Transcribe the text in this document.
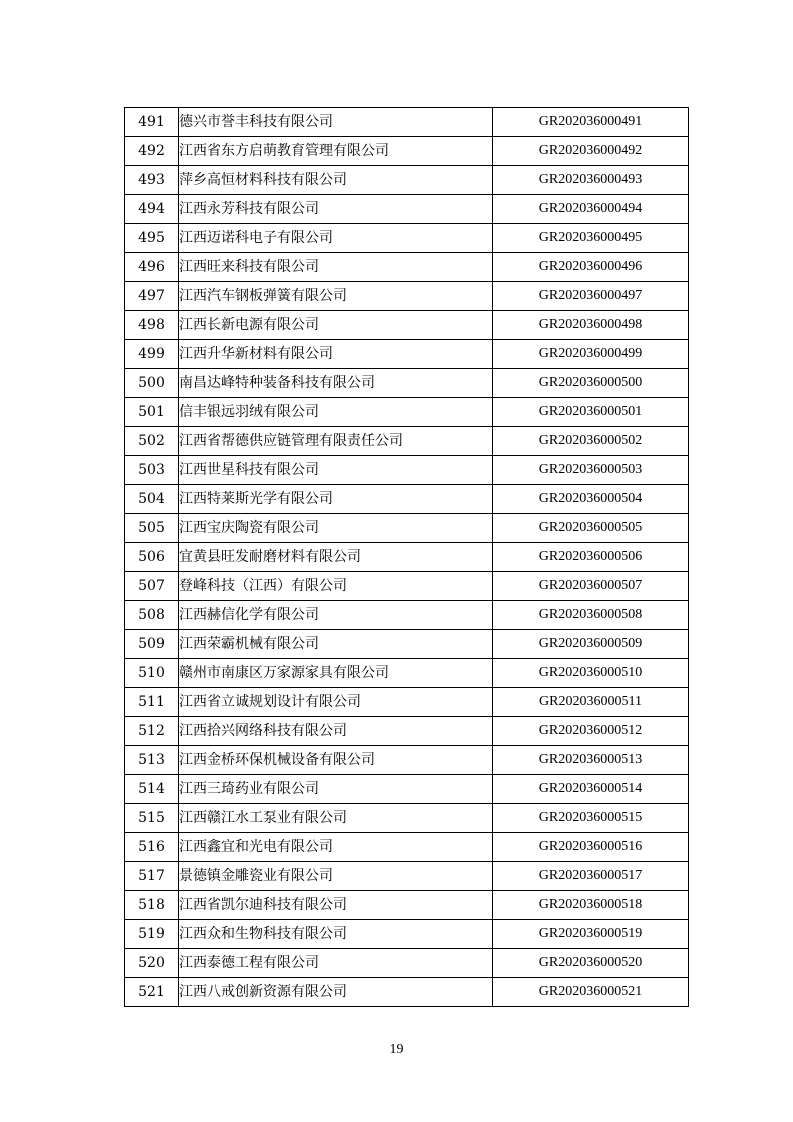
491	德兴市誉丰科技有限公司	GR202036000491
492	江西省东方启萌教育管理有限公司	GR202036000492
493	萍乡高恒材料科技有限公司	GR202036000493
494	江西永芳科技有限公司	GR202036000494
495	江西迈诺科电子有限公司	GR202036000495
496	江西旺来科技有限公司	GR202036000496
497	江西汽车钢板弹簧有限公司	GR202036000497
498	江西长新电源有限公司	GR202036000498
499	江西升华新材料有限公司	GR202036000499
500	南昌达峰特种装备科技有限公司	GR202036000500
501	信丰银远羽绒有限公司	GR202036000501
502	江西省帮德供应链管理有限责任公司	GR202036000502
503	江西世星科技有限公司	GR202036000503
504	江西特莱斯光学有限公司	GR202036000504
505	江西宝庆陶瓷有限公司	GR202036000505
506	宜黄县旺发耐磨材料有限公司	GR202036000506
507	登峰科技（江西）有限公司	GR202036000507
508	江西赫信化学有限公司	GR202036000508
509	江西荣霸机械有限公司	GR202036000509
510	赣州市南康区万家源家具有限公司	GR202036000510
511	江西省立诚规划设计有限公司	GR202036000511
512	江西拾兴网络科技有限公司	GR202036000512
513	江西金桥环保机械设备有限公司	GR202036000513
514	江西三琦药业有限公司	GR202036000514
515	江西赣江水工泵业有限公司	GR202036000515
516	江西鑫宜和光电有限公司	GR202036000516
517	景德镇金雕瓷业有限公司	GR202036000517
518	江西省凯尔迪科技有限公司	GR202036000518
519	江西众和生物科技有限公司	GR202036000519
520	江西泰德工程有限公司	GR202036000520
521	江西八戒创新资源有限公司	GR202036000521
19
